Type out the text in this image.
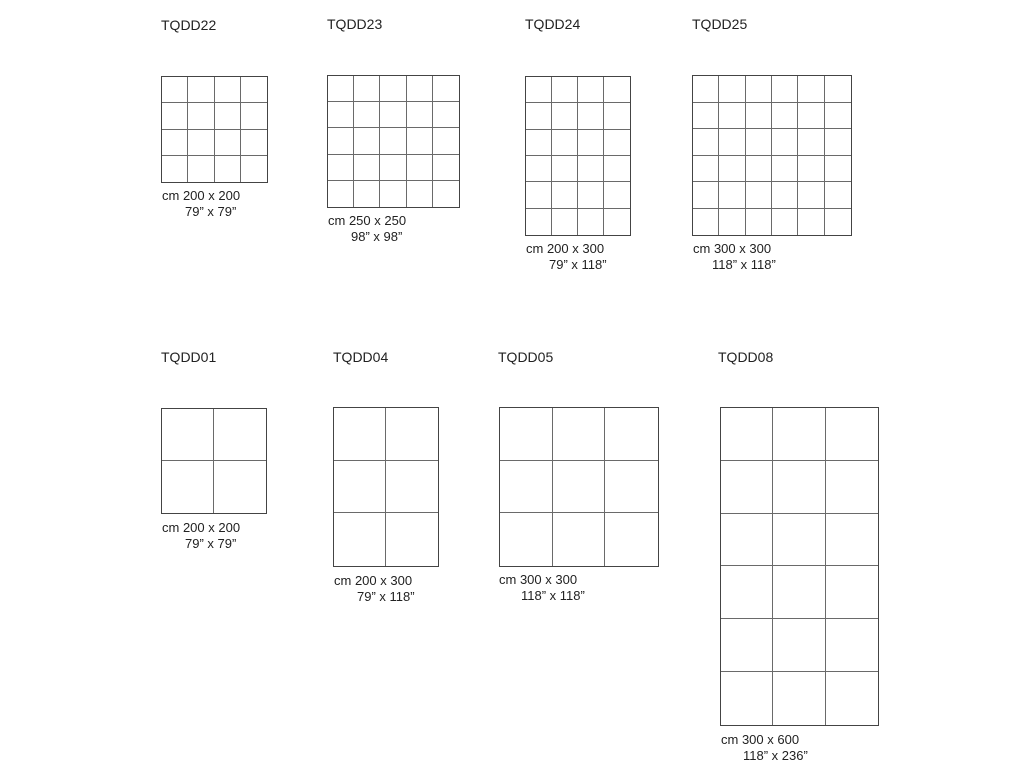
TQDD22
cm 200 x 200
79” x 79”
TQDD23
cm 250 x 250
98” x 98”
TQDD24
cm 200 x 300
79” x 118”
TQDD25
cm 300 x 300
118” x 118”
TQDD01
cm 200 x 200
79” x 79”
TQDD04
cm 200 x 300
79” x 118”
TQDD05
cm 300 x 300
118” x 118”
TQDD08
cm 300 x 600
118” x 236”
